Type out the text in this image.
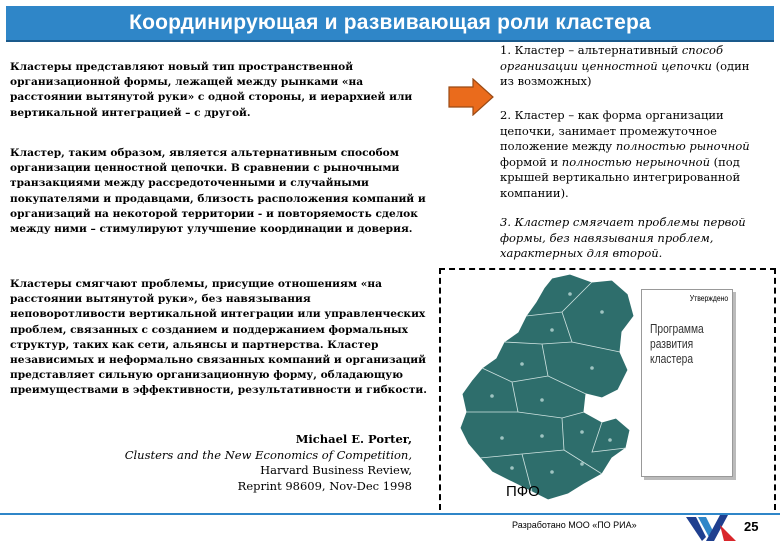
Координирующая и развивающая роли кластера

Кластеры представляют новый тип пространственной организационной формы, лежащей между рынками «на расстоянии вытянутой руки» с одной стороны, и иерархией или вертикальной интеграцией – с другой.

Кластер, таким образом, является альтернативным способом организации ценностной цепочки. В сравнении с рыночными транзакциями между рассредоточенными и случайными покупателями и продавцами, близость расположения компаний и организаций на некоторой территории - и повторяемость сделок между ними – стимулируют улучшение координации и доверия.

Кластеры смягчают проблемы, присущие отношениям «на расстоянии вытянутой руки», без навязывания неповоротливости вертикальной интеграции или управленческих проблем, связанных с созданием и поддержанием формальных структур, таких как сети, альянсы и партнерства. Кластер независимых и неформально связанных компаний и организаций представляет сильную организационную форму, обладающую преимуществами в эффективности, результативности и гибкости.

Michael E. Porter,
Clusters and the New Economics of Competition,
Harvard Business Review,
Reprint 98609, Nov-Dec 1998
1. Кластер – альтернативный способ организации ценностной цепочки (один из возможных)
2. Кластер – как форма организации цепочки, занимает промежуточное положение между полностью рыночной формой и полностью нерыночной (под крышей вертикально интегрированной компании).
3. Кластер смягчает проблемы первой формы, без навязывания проблем, характерных для второй.
Утверждено
Программа
развития
кластера
ПФО
Разработано МОО «ПО РИА»	25
